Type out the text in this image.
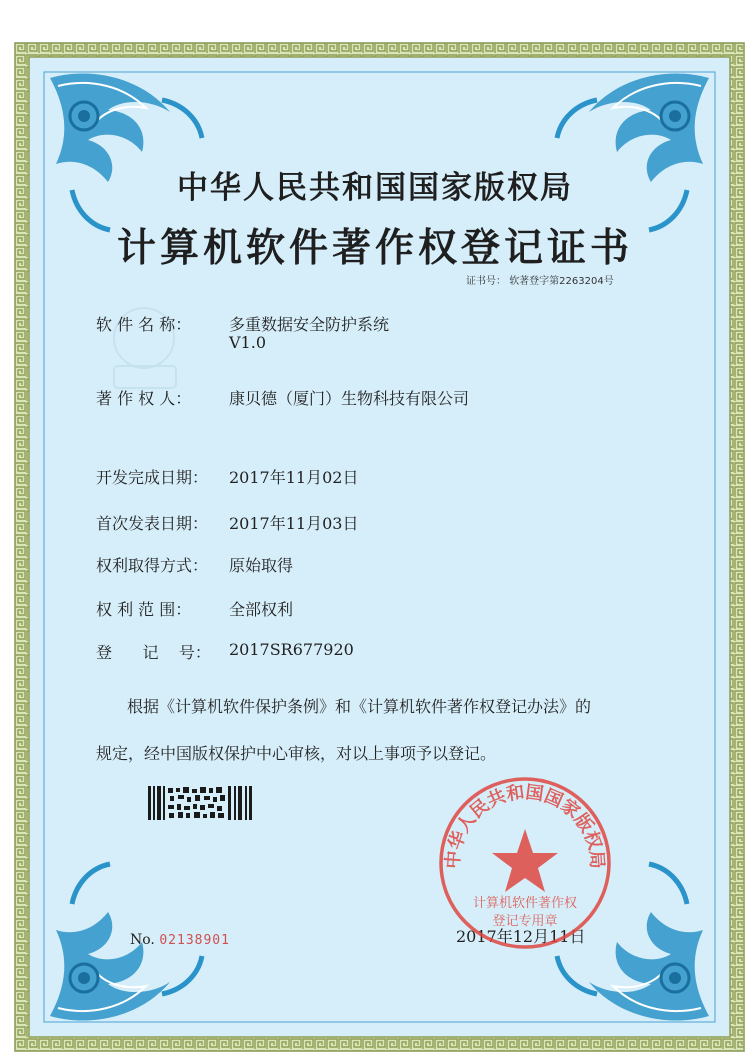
中华人民共和国国家版权局
计算机软件著作权登记证书
证书号： 软著登字第2263204号
软 件 名 称： 多重数据安全防护系统
V1.0
著 作 权 人： 康贝德（厦门）生物科技有限公司
开发完成日期： 2017年11月02日
首次发表日期： 2017年11月03日
权利取得方式： 原始取得
权 利 范 围： 全部权利
登      记    号： 2017SR677920
根据《计算机软件保护条例》和《计算机软件著作权登记办法》的
规定，经中国版权保护中心审核，对以上事项予以登记。
No. 02138901	2017年12月11日
中华人民共和国国家版权局
计算机软件著作权
登记专用章
